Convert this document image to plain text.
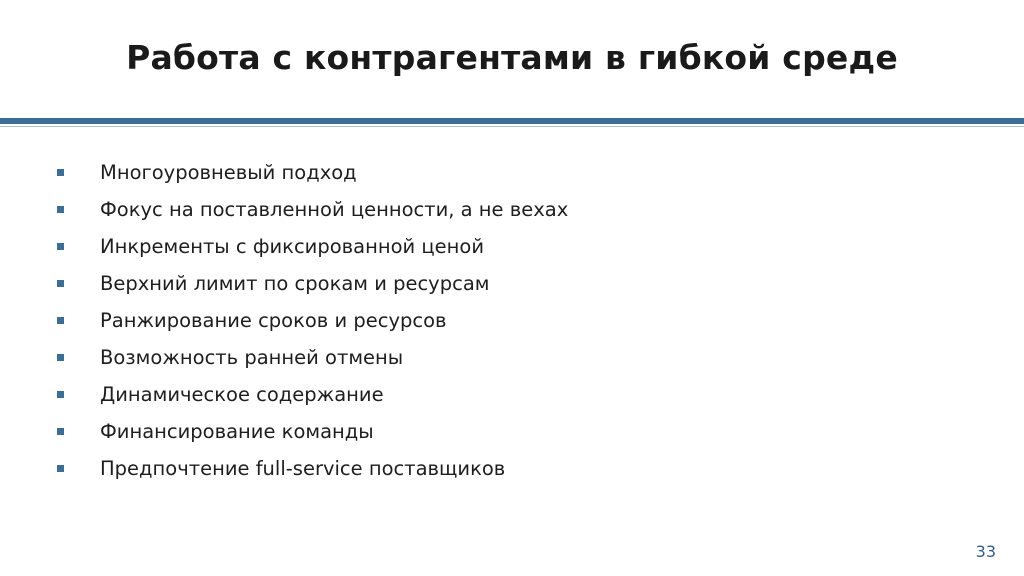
Работа с контрагентами в гибкой среде
Многоуровневый подход
Фокус на поставленной ценности, а не вехах
Инкременты с фиксированной ценой
Верхний лимит по срокам и ресурсам
Ранжирование сроков и ресурсов
Возможность ранней отмены
Динамическое содержание
Финансирование команды
Предпочтение full-service поставщиков
33
